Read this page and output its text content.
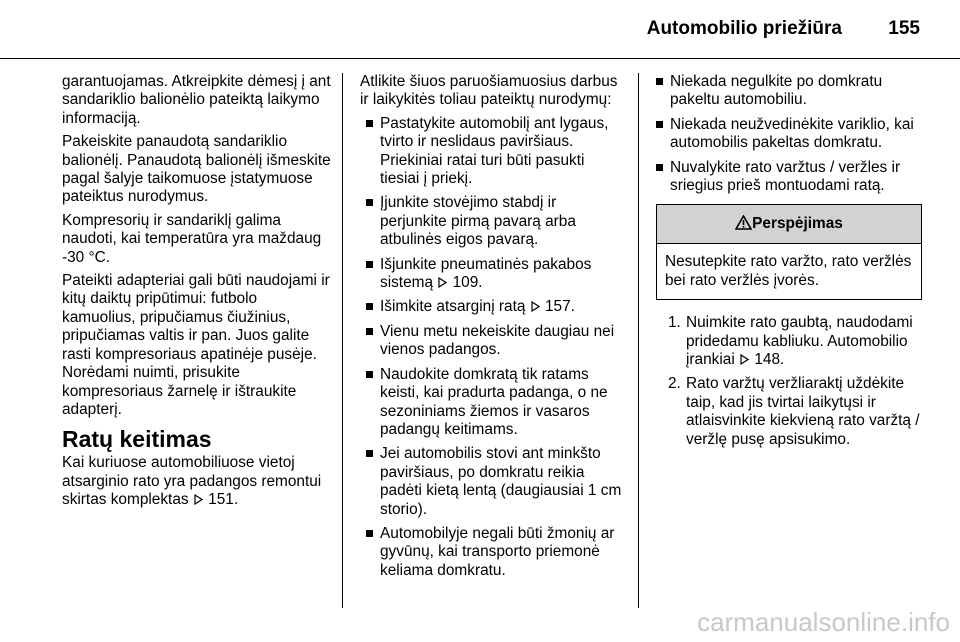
Automobilio priežiūra 155

garantuojamas. Atkreipkite dėmesį į ant sandariklio balionėlio pateiktą laikymo informaciją.

Pakeiskite panaudotą sandariklio balionėlį. Panaudotą balionėlį išmeskite pagal šalyje taikomuose įstatymuose pateiktus nurodymus.

Kompresorių ir sandariklį galima naudoti, kai temperatūra yra maždaug -30 °C.

Pateikti adapteriai gali būti naudojami ir kitų daiktų pripūtimui: futbolo kamuolius, pripučiamus čiužinius, pripučiamas valtis ir pan. Juos galite rasti kompresoriaus apatinėje pusėje. Norėdami nuimti, prisukite kompresoriaus žarnelę ir ištraukite adapterį.

Ratų keitimas

Kai kuriuose automobiliuose vietoj atsarginio rato yra padangos remontui skirtas komplektas 151.

Atlikite šiuos paruošiamuosius darbus ir laikykitės toliau pateiktų nurodymų:

Pastatykite automobilį ant lygaus, tvirto ir neslidaus paviršiaus. Priekiniai ratai turi būti pasukti tiesiai į priekį.
Įjunkite stovėjimo stabdį ir perjunkite pirmą pavarą arba atbulinės eigos pavarą.
Išjunkite pneumatinės pakabos sistemą 109.
Išimkite atsarginį ratą 157.
Vienu metu nekeiskite daugiau nei vienos padangos.
Naudokite domkratą tik ratams keisti, kai pradurta padanga, o ne sezoniniams žiemos ir vasaros padangų keitimams.
Jei automobilis stovi ant minkšto paviršiaus, po domkratu reikia padėti kietą lentą (daugiausiai 1 cm storio).
Automobilyje negali būti žmonių ar gyvūnų, kai transporto priemonė keliama domkratu.
Niekada negulkite po domkratu pakeltu automobiliu.
Niekada neužvedinėkite variklio, kai automobilis pakeltas domkratu.
Nuvalykite rato varžtus / veržles ir sriegius prieš montuodami ratą.
Perspėjimas
Nesutepkite rato varžto, rato veržlės bei rato veržlės įvorės.
1. Nuimkite rato gaubtą, naudodami pridedamu kabliuku. Automobilio įrankiai 148.
2. Rato varžtų veržliaraktį uždėkite taip, kad jis tvirtai laikytųsi ir atlaisvinkite kiekvieną rato varžtą / veržlę pusę apsisukimo.
carmanualsonline.info
